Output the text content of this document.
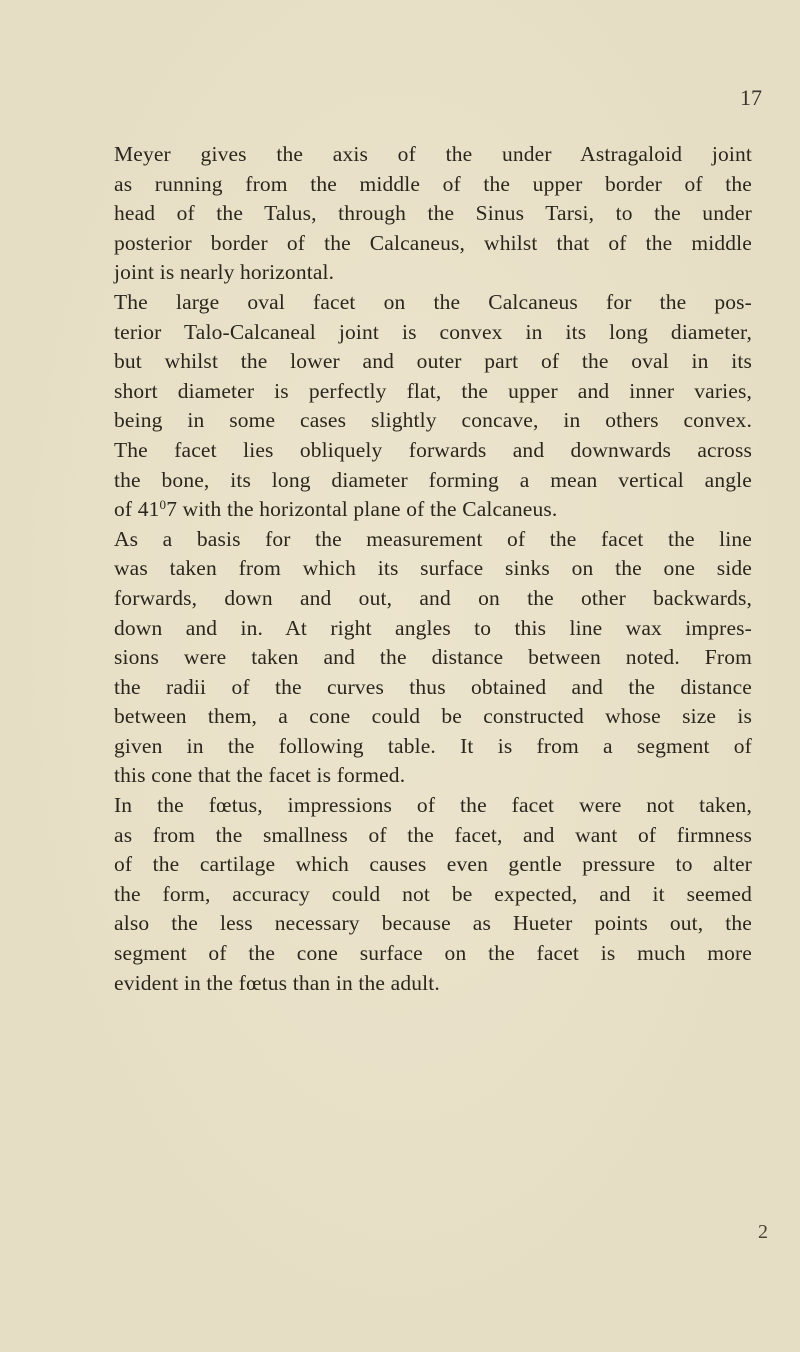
17

Meyer gives the axis of the under Astragaloid joint
as running from the middle of the upper border of the
head of the Talus, through the Sinus Tarsi, to the under
posterior border of the Calcaneus, whilst that of the middle
joint is nearly horizontal.

The large oval facet on the Calcaneus for the pos-
terior Talo-Calcaneal joint is convex in its long diameter,
but whilst the lower and outer part of the oval in its
short diameter is perfectly flat, the upper and inner varies,
being in some cases slightly concave, in others convex.
The facet lies obliquely forwards and downwards across
the bone, its long diameter forming a mean vertical angle
of $41^07$ with the horizontal plane of the Calcaneus.

As a basis for the measurement of the facet the line
was taken from which its surface sinks on the one side
forwards, down and out, and on the other backwards,
down and in. At right angles to this line wax impres-
sions were taken and the distance between noted. From
the radii of the curves thus obtained and the distance
between them, a cone could be constructed whose size is
given in the following table. It is from a segment of
this cone that the facet is formed.

In the fœtus, impressions of the facet were not taken,
as from the smallness of the facet, and want of firmness
of the cartilage which causes even gentle pressure to alter
the form, accuracy could not be expected, and it seemed
also the less necessary because as Hueter points out, the
segment of the cone surface on the facet is much more
evident in the fœtus than in the adult.

2
